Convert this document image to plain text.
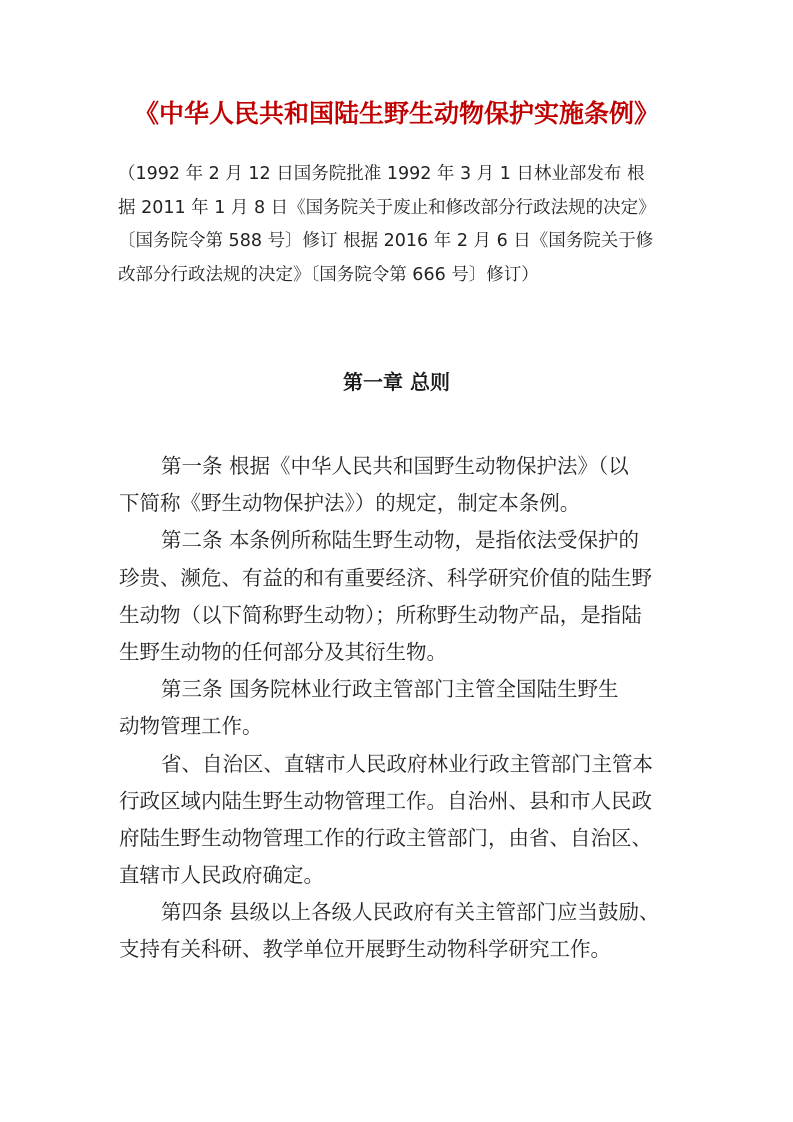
《中华人民共和国陆生野生动物保护实施条例》
（1992 年 2 月 12 日国务院批准 1992 年 3 月 1 日林业部发布 根
据 2011 年 1 月 8 日《国务院关于废止和修改部分行政法规的决定》
〔国务院令第 588 号〕修订 根据 2016 年 2 月 6 日《国务院关于修
改部分行政法规的决定》〔国务院令第 666 号〕修订）
第一章 总则
第一条 根据《中华人民共和国野生动物保护法》（以
下简称《野生动物保护法》）的规定，制定本条例。
第二条 本条例所称陆生野生动物，是指依法受保护的
珍贵、濒危、有益的和有重要经济、科学研究价值的陆生野
生动物（以下简称野生动物）；所称野生动物产品，是指陆
生野生动物的任何部分及其衍生物。
第三条 国务院林业行政主管部门主管全国陆生野生
动物管理工作。
省、自治区、直辖市人民政府林业行政主管部门主管本
行政区域内陆生野生动物管理工作。自治州、县和市人民政
府陆生野生动物管理工作的行政主管部门，由省、自治区、
直辖市人民政府确定。
第四条 县级以上各级人民政府有关主管部门应当鼓励、
支持有关科研、教学单位开展野生动物科学研究工作。
